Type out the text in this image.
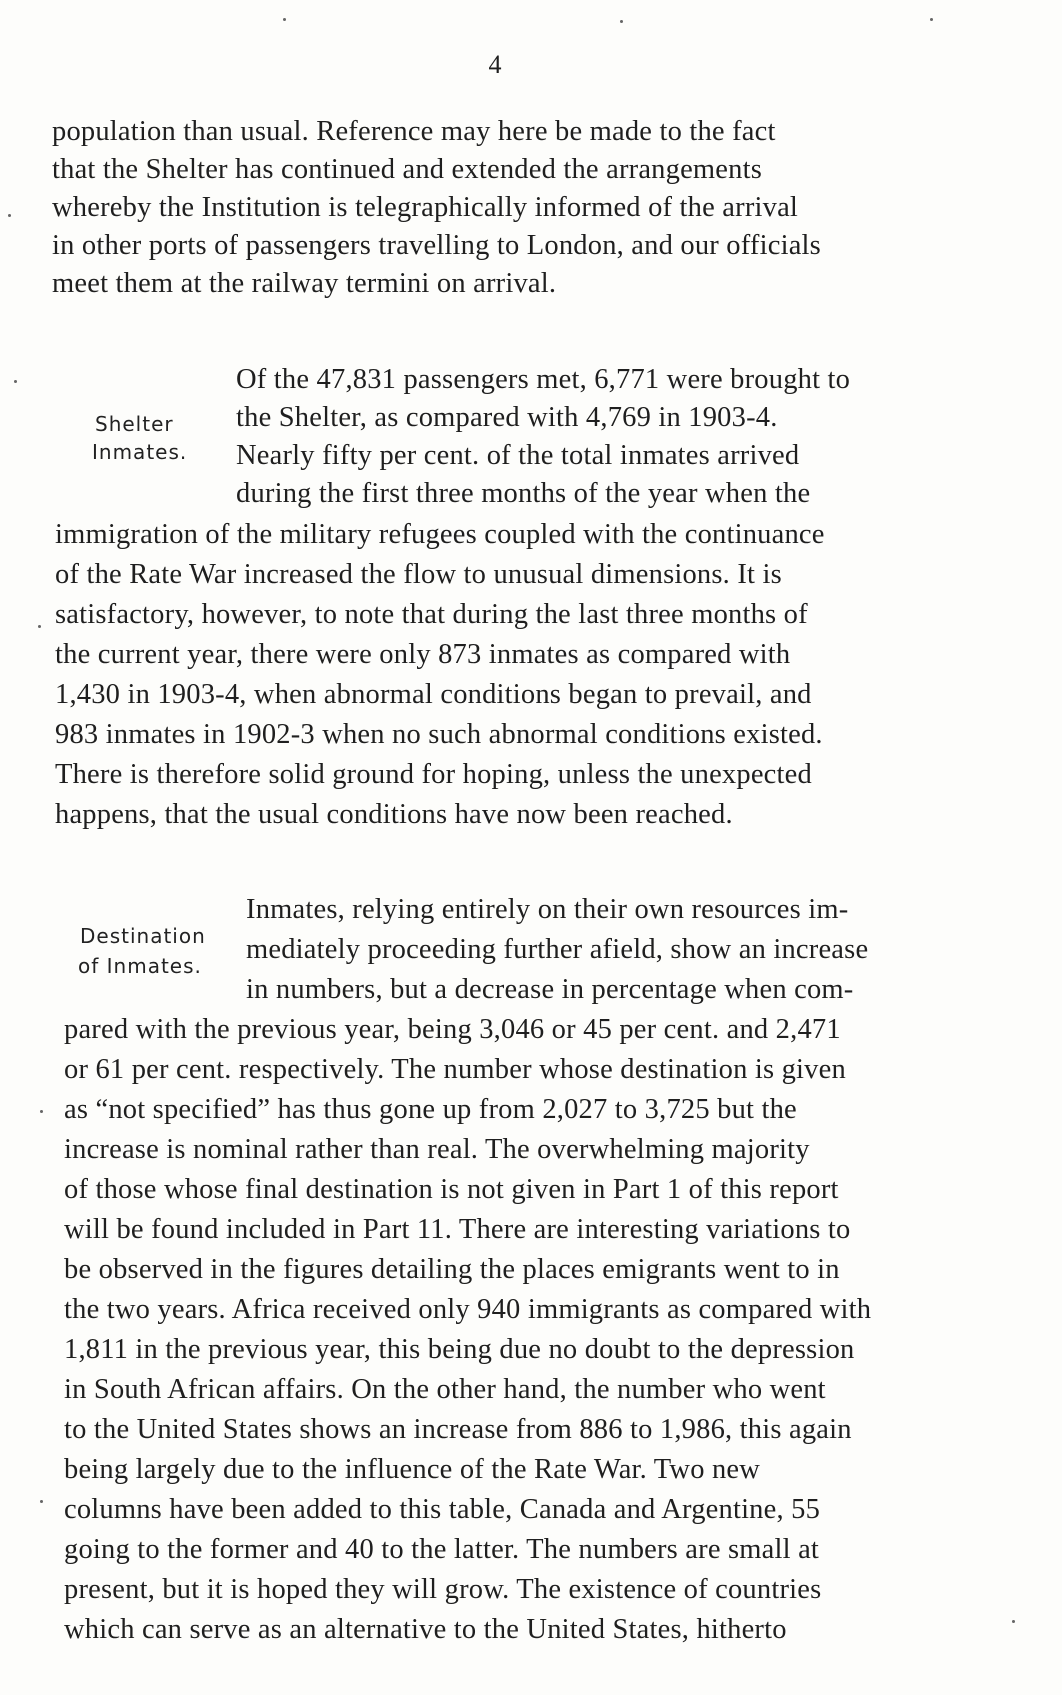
4
population than usual. Reference may here be made to the fact
that the Shelter has continued and extended the arrangements
whereby the Institution is telegraphically informed of the arrival
in other ports of passengers travelling to London, and our officials
meet them at the railway termini on arrival.
Shelter
Inmates.
Of the 47,831 passengers met, 6,771 were brought to
the Shelter, as compared with 4,769 in 1903-4.
Nearly fifty per cent. of the total inmates arrived
during the first three months of the year when the
immigration of the military refugees coupled with the continuance
of the Rate War increased the flow to unusual dimensions. It is
satisfactory, however, to note that during the last three months of
the current year, there were only 873 inmates as compared with
1,430 in 1903-4, when abnormal conditions began to prevail, and
983 inmates in 1902-3 when no such abnormal conditions existed.
There is therefore solid ground for hoping, unless the unexpected
happens, that the usual conditions have now been reached.
Destination
of Inmates.
Inmates, relying entirely on their own resources im-
mediately proceeding further afield, show an increase
in numbers, but a decrease in percentage when com-
pared with the previous year, being 3,046 or 45 per cent. and 2,471
or 61 per cent. respectively. The number whose destination is given
as “not specified” has thus gone up from 2,027 to 3,725 but the
increase is nominal rather than real. The overwhelming majority
of those whose final destination is not given in Part 1 of this report
will be found included in Part 11. There are interesting variations to
be observed in the figures detailing the places emigrants went to in
the two years. Africa received only 940 immigrants as compared with
1,811 in the previous year, this being due no doubt to the depression
in South African affairs. On the other hand, the number who went
to the United States shows an increase from 886 to 1,986, this again
being largely due to the influence of the Rate War. Two new
columns have been added to this table, Canada and Argentine, 55
going to the former and 40 to the latter. The numbers are small at
present, but it is hoped they will grow. The existence of countries
which can serve as an alternative to the United States, hitherto
